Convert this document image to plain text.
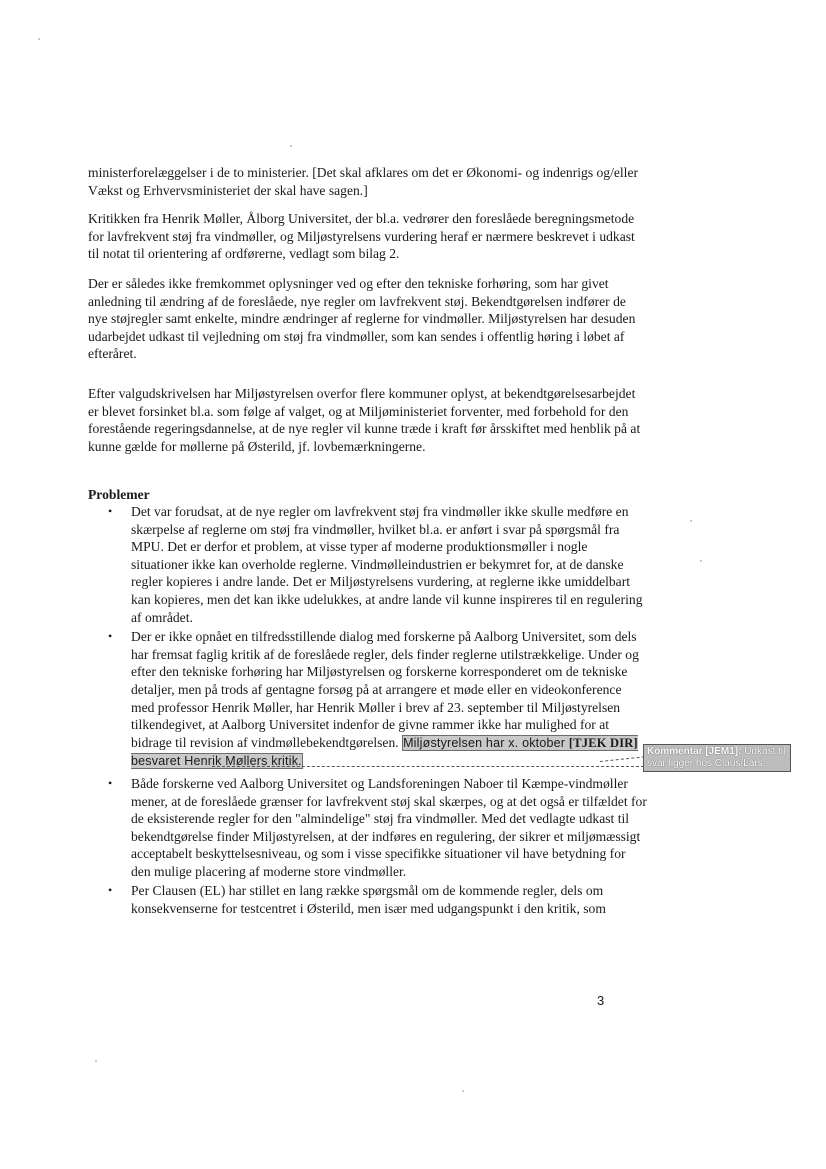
ministerforelæggelser i de to ministerier. [Det skal afklares om det er Økonomi- og indenrigs og/eller Vækst og Erhvervsministeriet der skal have sagen.]

Kritikken fra Henrik Møller, Ålborg Universitet, der bl.a. vedrører den foreslåede beregningsmetode for lavfrekvent støj fra vindmøller, og Miljøstyrelsens vurdering heraf er nærmere beskrevet i udkast til notat til orientering af ordførerne, vedlagt som bilag 2.

Der er således ikke fremkommet oplysninger ved og efter den tekniske forhøring, som har givet anledning til ændring af de foreslåede, nye regler om lavfrekvent støj. Bekendtgørelsen indfører de nye støjregler samt enkelte, mindre ændringer af reglerne for vindmøller. Miljøstyrelsen har desuden udarbejdet udkast til vejledning om støj fra vindmøller, som kan sendes i offentlig høring i løbet af efteråret.

Efter valgudskrivelsen har Miljøstyrelsen overfor flere kommuner oplyst, at bekendtgørelsesarbejdet er blevet forsinket bl.a. som følge af valget, og at Miljøministeriet forventer, med forbehold for den forestående regeringsdannelse, at de nye regler vil kunne træde i kraft før årsskiftet med henblik på at kunne gælde for møllerne på Østerild, jf. lovbemærkningerne.

Problemer
• Det var forudsat, at de nye regler om lavfrekvent støj fra vindmøller ikke skulle medføre en skærpelse af reglerne om støj fra vindmøller, hvilket bl.a. er anført i svar på spørgsmål fra MPU. Det er derfor et problem, at visse typer af moderne produktionsmøller i nogle situationer ikke kan overholde reglerne. Vindmølleindustrien er bekymret for, at de danske regler kopieres i andre lande. Det er Miljøstyrelsens vurdering, at reglerne ikke umiddelbart kan kopieres, men det kan ikke udelukkes, at andre lande vil kunne inspireres til en regulering af området.
• Der er ikke opnået en tilfredsstillende dialog med forskerne på Aalborg Universitet, som dels har fremsat faglig kritik af de foreslåede regler, dels finder reglerne utilstrækkelige. Under og efter den tekniske forhøring har Miljøstyrelsen og forskerne korresponderet om de tekniske detaljer, men på trods af gentagne forsøg på at arrangere et møde eller en videokonference med professor Henrik Møller, har Henrik Møller i brev af 23. september til Miljøstyrelsen tilkendegivet, at Aalborg Universitet indenfor de givne rammer ikke har mulighed for at bidrage til revision af vindmøllebekendtgørelsen. Miljøstyrelsen har x. oktober [TJEK DIR] besvaret Henrik Møllers kritik.
• Både forskerne ved Aalborg Universitet og Landsforeningen Naboer til Kæmpe-vindmøller mener, at de foreslåede grænser for lavfrekvent støj skal skærpes, og at det også er tilfældet for de eksisterende regler for den "almindelige" støj fra vindmøller. Med det vedlagte udkast til bekendtgørelse finder Miljøstyrelsen, at der indføres en regulering, der sikrer et miljømæssigt acceptabelt beskyttelsesniveau, og som i visse specifikke situationer vil have betydning for den mulige placering af moderne store vindmøller.
• Per Clausen (EL) har stillet en lang række spørgsmål om de kommende regler, dels om konsekvenserne for testcentret i Østerild, men især med udgangspunkt i den kritik, som
Kommentar [JEM1]: Udkast til svar ligger hos Claus/Lars.
3
